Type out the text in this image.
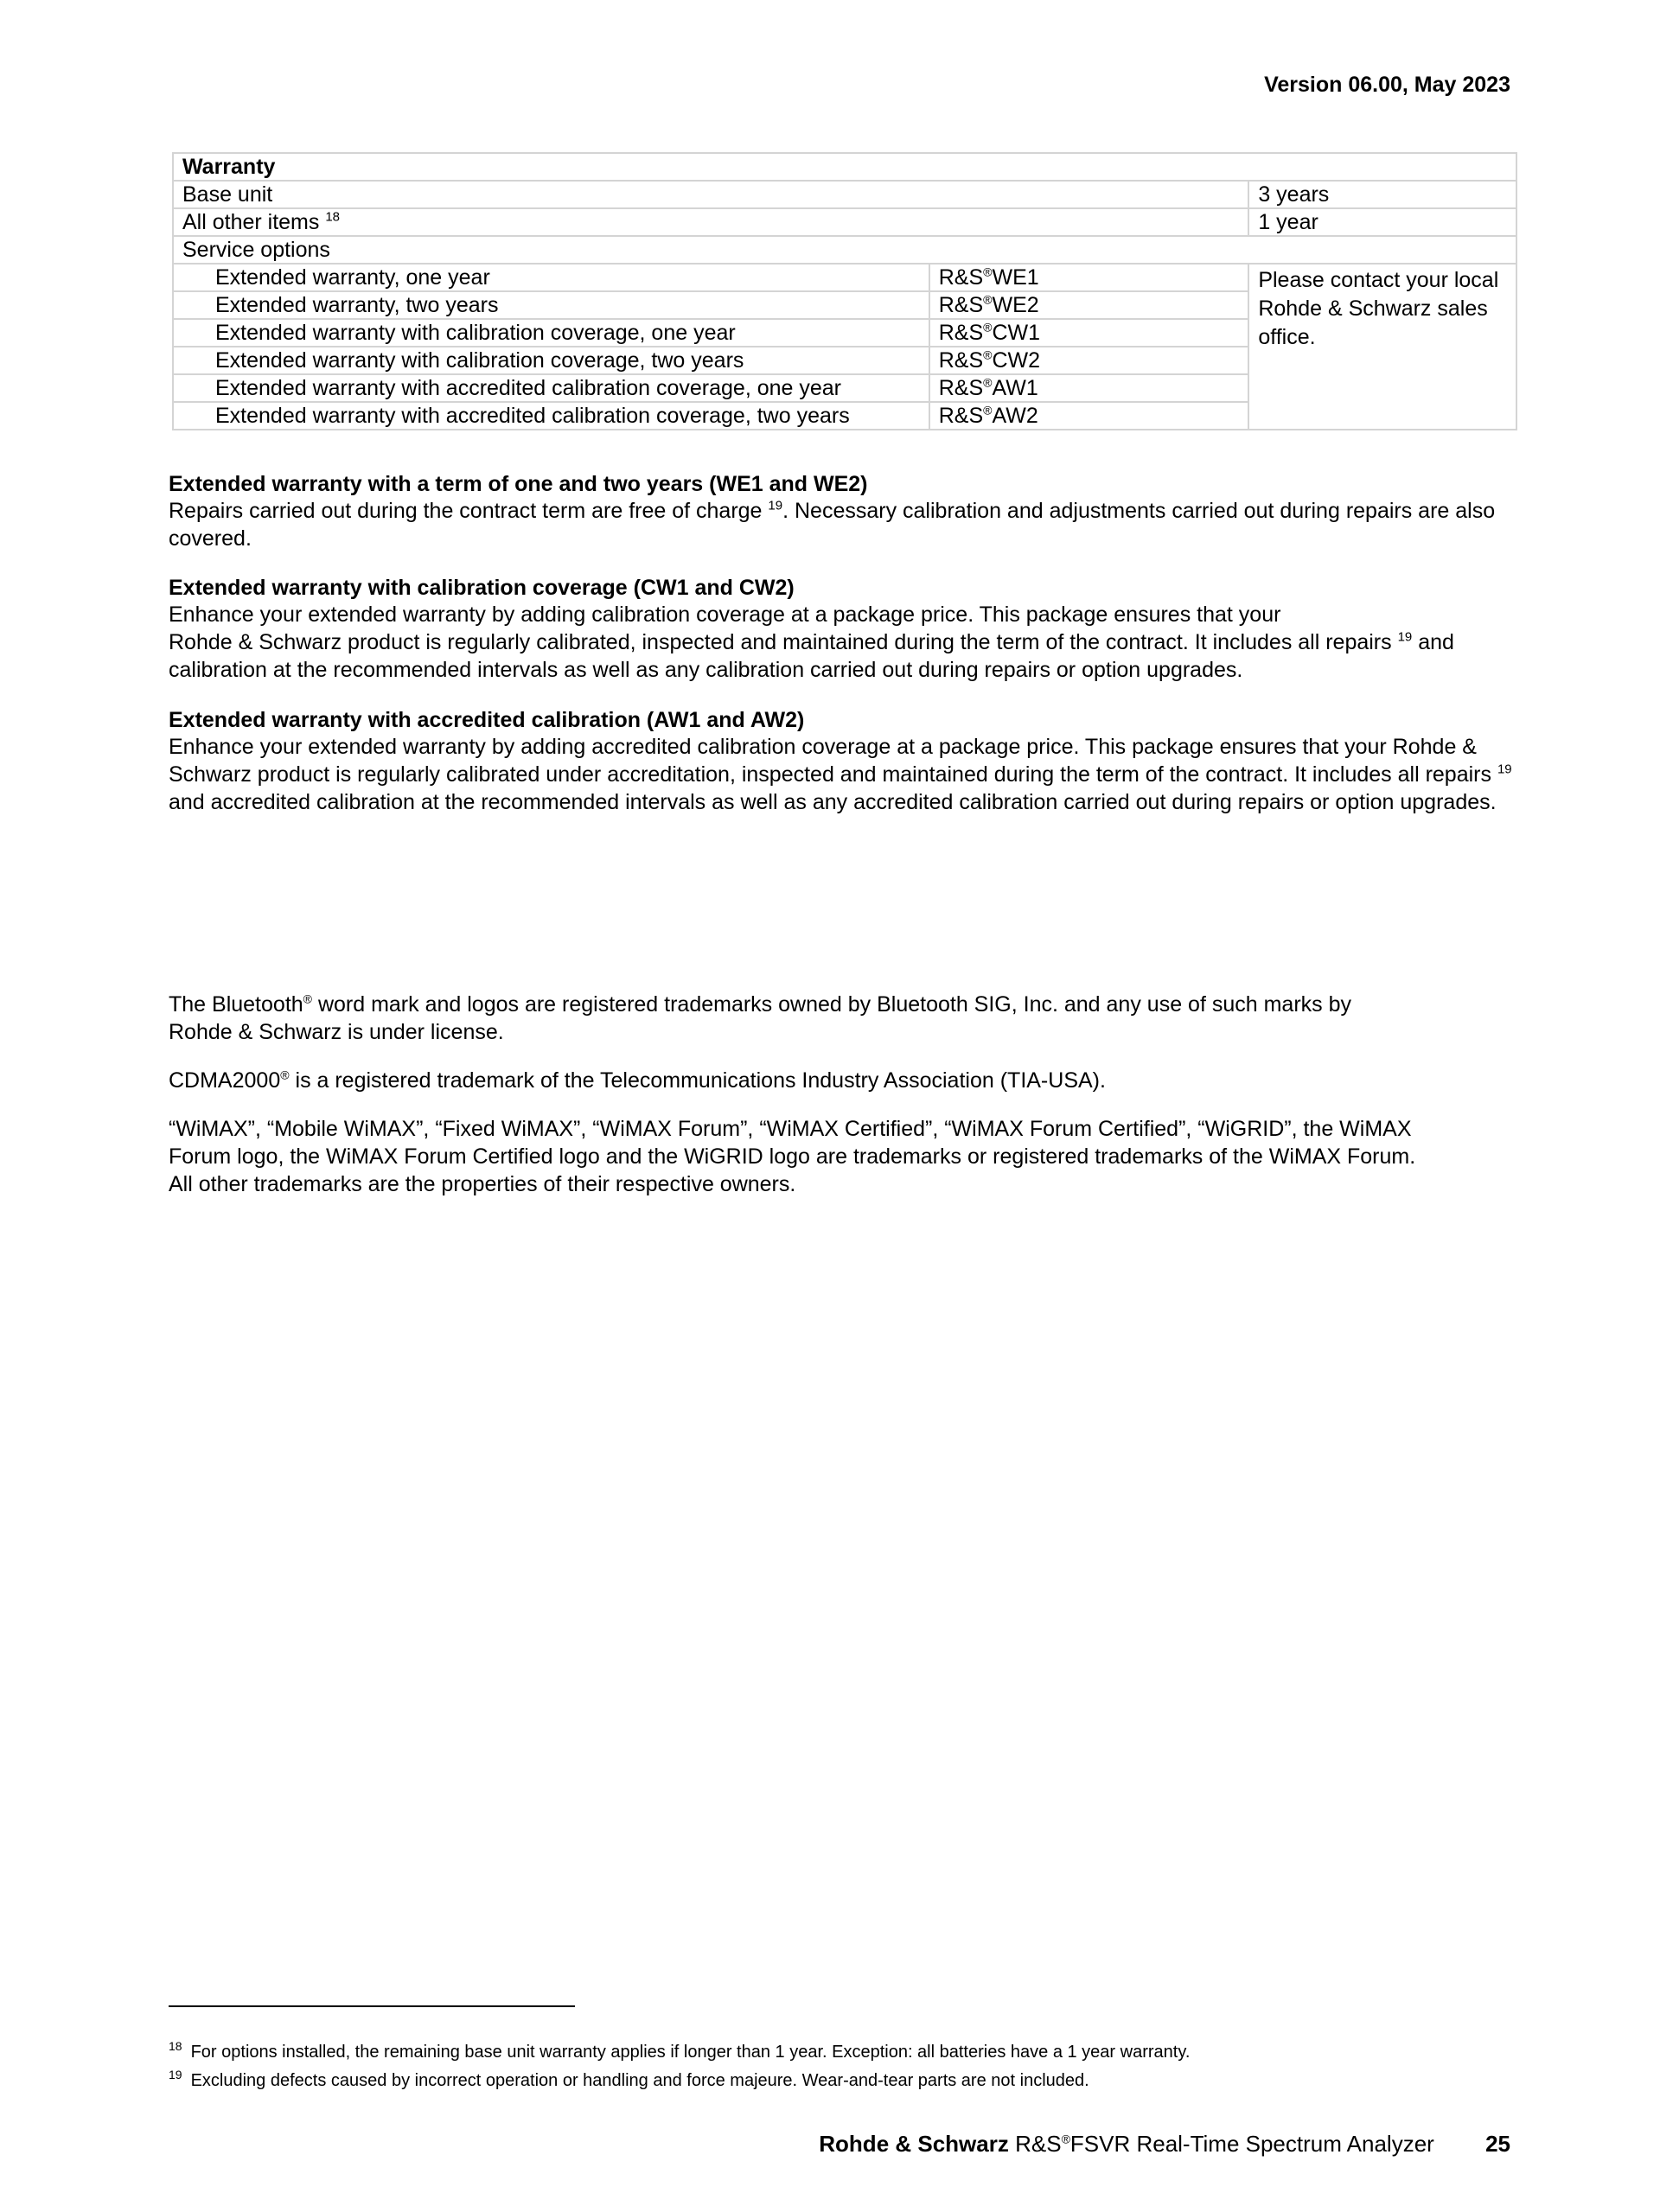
Version 06.00, May 2023
Warranty		
Base unit		3 years
All other items $^{18}$		1 year
Service options		
Extended warranty, one year	R&S®WE1	Please contact your local Rohde & Schwarz sales office.
Extended warranty, two years	R&S®WE2	
Extended warranty with calibration coverage, one year	R&S®CW1	
Extended warranty with calibration coverage, two years	R&S®CW2	
Extended warranty with accredited calibration coverage, one year	R&S®AW1	
Extended warranty with accredited calibration coverage, two years	R&S®AW2	
Extended warranty with a term of one and two years (WE1 and WE2)

Repairs carried out during the contract term are free of charge $^{19}$. Necessary calibration and adjustments carried out during repairs are also covered.

Extended warranty with calibration coverage (CW1 and CW2)

Enhance your extended warranty by adding calibration coverage at a package price. This package ensures that your
Rohde & Schwarz product is regularly calibrated, inspected and maintained during the term of the contract. It includes all repairs $^{19}$ and calibration at the recommended intervals as well as any calibration carried out during repairs or option upgrades.

Extended warranty with accredited calibration (AW1 and AW2)

Enhance your extended warranty by adding accredited calibration coverage at a package price. This package ensures that your Rohde & Schwarz product is regularly calibrated under accreditation, inspected and maintained during the term of the contract. It includes all repairs $^{19}$ and accredited calibration at the recommended intervals as well as any accredited calibration carried out during repairs or option upgrades.

The Bluetooth® word mark and logos are registered trademarks owned by Bluetooth SIG, Inc. and any use of such marks by
Rohde & Schwarz is under license.

CDMA2000® is a registered trademark of the Telecommunications Industry Association (TIA-USA).

“WiMAX”, “Mobile WiMAX”, “Fixed WiMAX”, “WiMAX Forum”, “WiMAX Certified”, “WiMAX Forum Certified”, “WiGRID”, the WiMAX
Forum logo, the WiMAX Forum Certified logo and the WiGRID logo are trademarks or registered trademarks of the WiMAX Forum.
All other trademarks are the properties of their respective owners.

$^{18}$ For options installed, the remaining base unit warranty applies if longer than 1 year. Exception: all batteries have a 1 year warranty.

$^{19}$ Excluding defects caused by incorrect operation or handling and force majeure. Wear-and-tear parts are not included.

Rohde & Schwarz R&S®FSVR Real-Time Spectrum Analyzer 25
